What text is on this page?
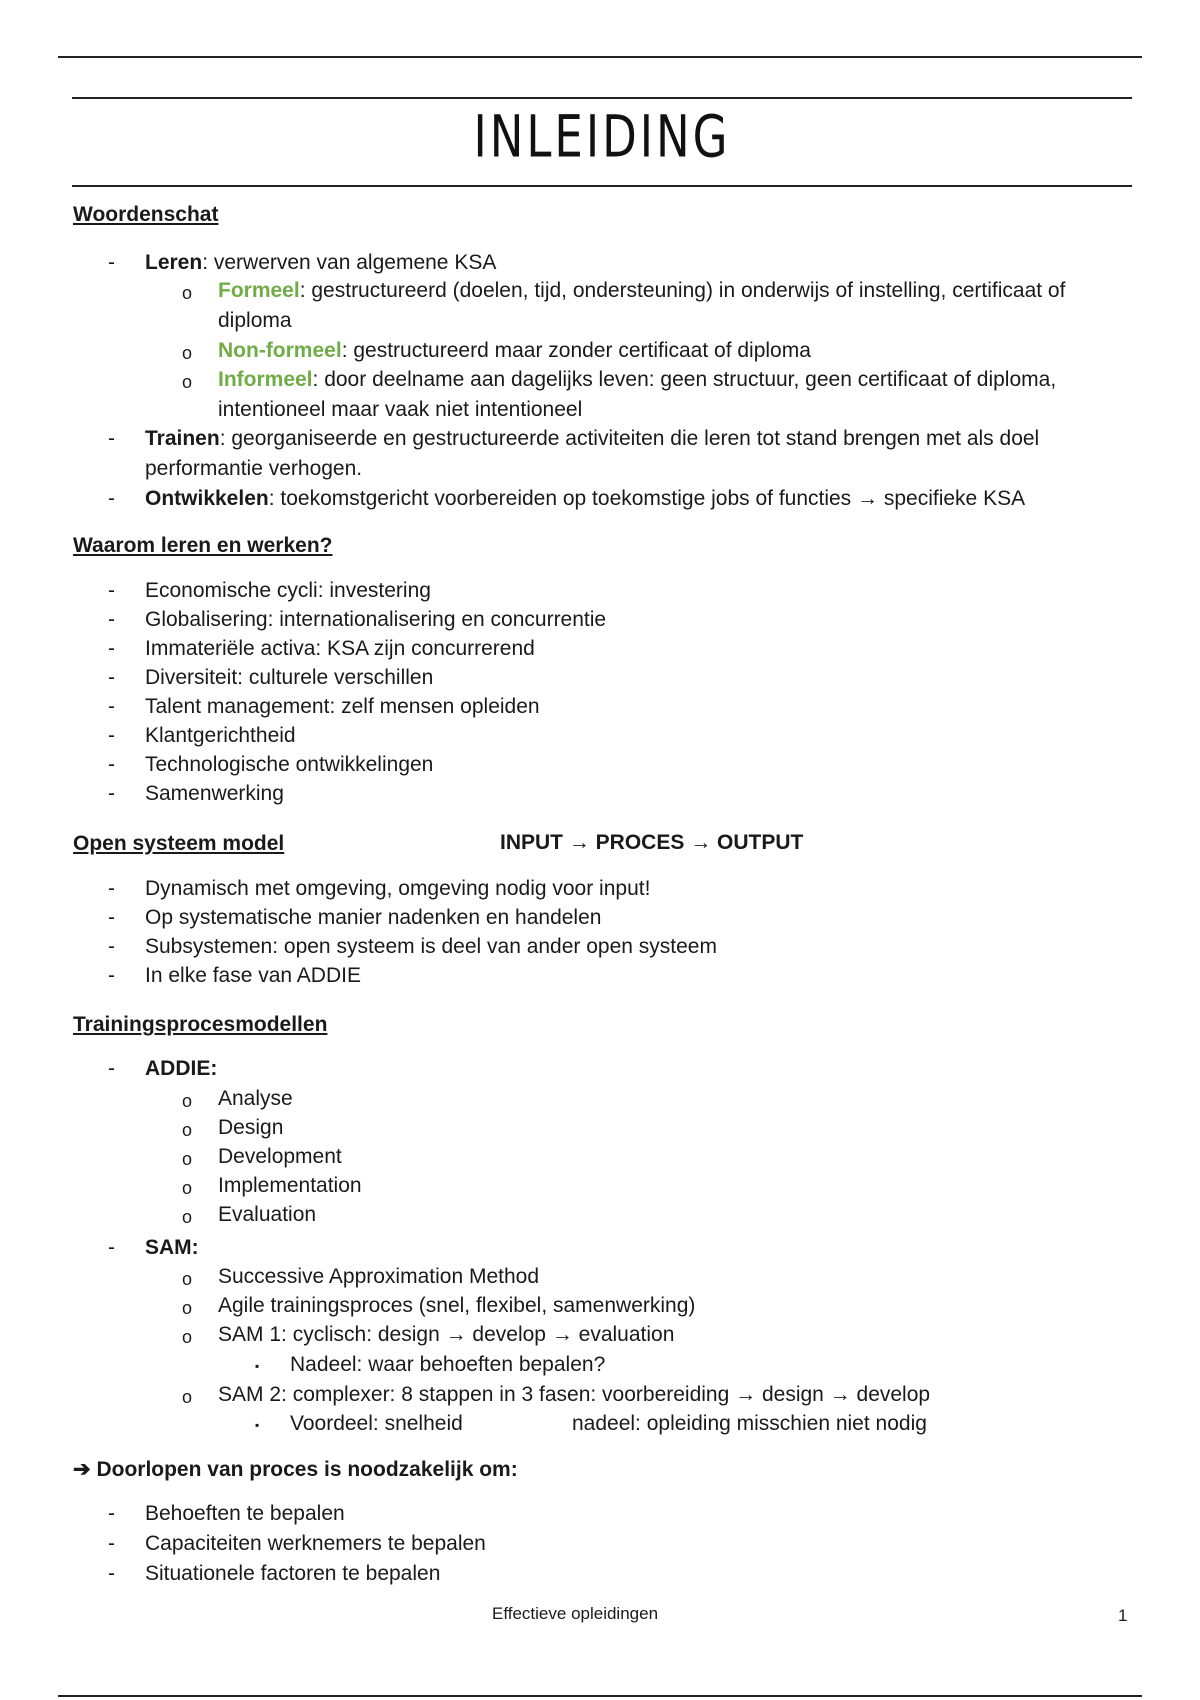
INLEIDING
Woordenschat
- Leren: verwerven van algemene KSA
o Formeel: gestructureerd (doelen, tijd, ondersteuning) in onderwijs of instelling, certificaat of
diploma
o Non-formeel: gestructureerd maar zonder certificaat of diploma
o Informeel: door deelname aan dagelijks leven: geen structuur, geen certificaat of diploma,
intentioneel maar vaak niet intentioneel
- Trainen: georganiseerde en gestructureerde activiteiten die leren tot stand brengen met als doel
performantie verhogen.
- Ontwikkelen: toekomstgericht voorbereiden op toekomstige jobs of functies → specifieke KSA
Waarom leren en werken?
- Economische cycli: investering
- Globalisering: internationalisering en concurrentie
- Immateriële activa: KSA zijn concurrerend
- Diversiteit: culturele verschillen
- Talent management: zelf mensen opleiden
- Klantgerichtheid
- Technologische ontwikkelingen
- Samenwerking
Open systeem model	INPUT → PROCES → OUTPUT
- Dynamisch met omgeving, omgeving nodig voor input!
- Op systematische manier nadenken en handelen
- Subsystemen: open systeem is deel van ander open systeem
- In elke fase van ADDIE
Trainingsprocesmodellen
- ADDIE:
o Analyse
o Design
o Development
o Implementation
o Evaluation
- SAM:
o Successive Approximation Method
o Agile trainingsproces (snel, flexibel, samenwerking)
o SAM 1: cyclisch: design → develop → evaluation
▪ Nadeel: waar behoeften bepalen?
o SAM 2: complexer: 8 stappen in 3 fasen: voorbereiding → design → develop
▪ Voordeel: snelheid	nadeel: opleiding misschien niet nodig
➔ Doorlopen van proces is noodzakelijk om:
- Behoeften te bepalen
- Capaciteiten werknemers te bepalen
- Situationele factoren te bepalen
Effectieve opleidingen	1
